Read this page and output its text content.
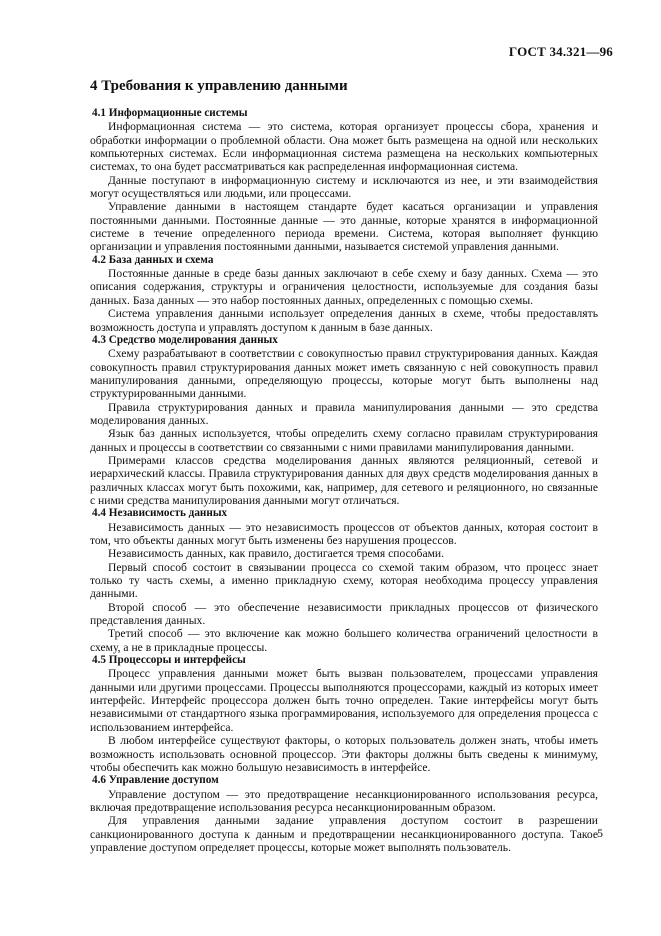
ГОСТ 34.321—96
4 Требования к управлению данными
4.1 Информационные системы

Информационная система — это система, которая организует процессы сбора, хранения и обработки информации о проблемной области. Она может быть размещена на одной или нескольких компьютерных системах. Если информационная система размещена на нескольких компьютерных системах, то она будет рассматриваться как распределенная информационная система.

Данные поступают в информационную систему и исключаются из нее, и эти взаимодействия могут осуществляться или людьми, или процессами.

Управление данными в настоящем стандарте будет касаться организации и управления постоянными данными. Постоянные данные — это данные, которые хранятся в информационной системе в течение определенного периода времени. Система, которая выполняет функцию организации и управления постоянными данными, называется системой управления данными.

4.2 База данных и схема

Постоянные данные в среде базы данных заключают в себе схему и базу данных. Схема — это описания содержания, структуры и ограничения целостности, используемые для создания базы данных. База данных — это набор постоянных данных, определенных с помощью схемы.

Система управления данными использует определения данных в схеме, чтобы предоставлять возможность доступа и управлять доступом к данным в базе данных.

4.3 Средство моделирования данных

Схему разрабатывают в соответствии с совокупностью правил структурирования данных. Каждая совокупность правил структурирования данных может иметь связанную с ней совокупность правил манипулирования данными, определяющую процессы, которые могут быть выполнены над структурированными данными.

Правила структурирования данных и правила манипулирования данными — это средства моделирования данных.

Язык баз данных используется, чтобы определить схему согласно правилам структурирования данных и процессы в соответствии со связанными с ними правилами манипулирования данными.

Примерами классов средства моделирования данных являются реляционный, сетевой и иерархический классы. Правила структурирования данных для двух средств моделирования данных в различных классах могут быть похожими, как, например, для сетевого и реляционного, но связанные с ними средства манипулирования данными могут отличаться.

4.4 Независимость данных

Независимость данных — это независимость процессов от объектов данных, которая состоит в том, что объекты данных могут быть изменены без нарушения процессов.

Независимость данных, как правило, достигается тремя способами.

Первый способ состоит в связывании процесса со схемой таким образом, что процесс знает только ту часть схемы, а именно прикладную схему, которая необходима процессу управления данными.

Второй способ — это обеспечение независимости прикладных процессов от физического представления данных.

Третий способ — это включение как можно большего количества ограничений целостности в схему, а не в прикладные процессы.

4.5 Процессоры и интерфейсы

Процесс управления данными может быть вызван пользователем, процессами управления данными или другими процессами. Процессы выполняются процессорами, каждый из которых имеет интерфейс. Интерфейс процессора должен быть точно определен. Такие интерфейсы могут быть независимыми от стандартного языка программирования, используемого для определения процесса с использованием интерфейса.

В любом интерфейсе существуют факторы, о которых пользователь должен знать, чтобы иметь возможность использовать основной процессор. Эти факторы должны быть сведены к минимуму, чтобы обеспечить как можно большую независимость в интерфейсе.

4.6 Управление доступом

Управление доступом — это предотвращение несанкционированного использования ресурса, включая предотвращение использования ресурса несанкционированным образом.

Для управления данными задание управления доступом состоит в разрешении санкционированного доступа к данным и предотвращении несанкционированного доступа. Такое управление доступом определяет процессы, которые может выполнять пользователь.

5
